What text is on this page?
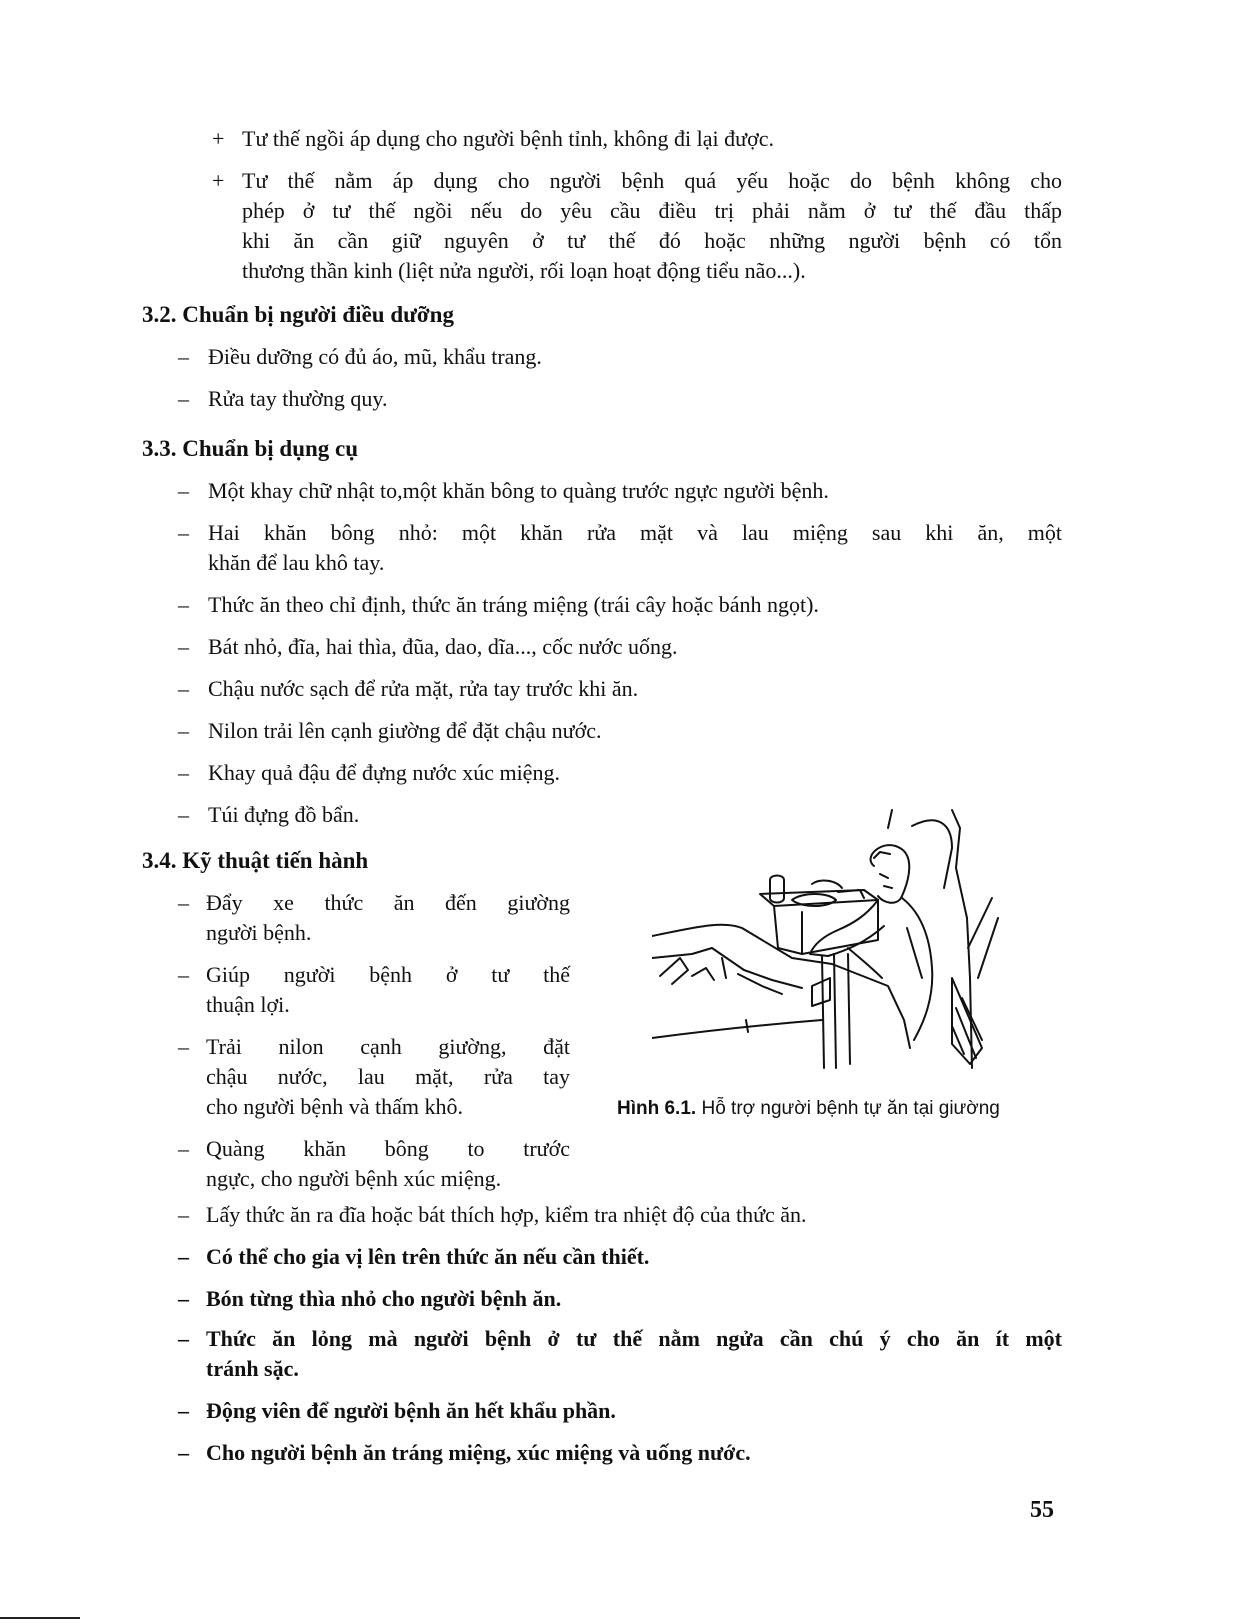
+ Tư thế ngồi áp dụng cho người bệnh tỉnh, không đi lại được.
+ Tư thế nằm áp dụng cho người bệnh quá yếu hoặc do bệnh không cho
phép ở tư thế ngồi nếu do yêu cầu điều trị phải nằm ở tư thế đầu thấp
khi ăn cần giữ nguyên ở tư thế đó hoặc những người bệnh có tổn
thương thần kinh (liệt nửa người, rối loạn hoạt động tiểu não...).
3.2. Chuẩn bị người điều dưỡng
– Điều dưỡng có đủ áo, mũ, khẩu trang.
– Rửa tay thường quy.
3.3. Chuẩn bị dụng cụ
– Một khay chữ nhật to,một khăn bông to quàng trước ngực người bệnh.
– Hai khăn bông nhỏ: một khăn rửa mặt và lau miệng sau khi ăn, một
khăn để lau khô tay.
– Thức ăn theo chỉ định, thức ăn tráng miệng (trái cây hoặc bánh ngọt).
– Bát nhỏ, đĩa, hai thìa, đũa, dao, dĩa..., cốc nước uống.
– Chậu nước sạch để rửa mặt, rửa tay trước khi ăn.
– Nilon trải lên cạnh giường để đặt chậu nước.
– Khay quả đậu để đựng nước xúc miệng.
– Túi đựng đồ bẩn.
3.4. Kỹ thuật tiến hành
– Đẩy xe thức ăn đến giường
người bệnh.
– Giúp người bệnh ở tư thế
thuận lợi.
– Trải nilon cạnh giường, đặt
chậu nước, lau mặt, rửa tay
cho người bệnh và thấm khô.
– Quàng khăn bông to trước
ngực, cho người bệnh xúc miệng.
– Lấy thức ăn ra đĩa hoặc bát thích hợp, kiểm tra nhiệt độ của thức ăn.
– Có thể cho gia vị lên trên thức ăn nếu cần thiết.
– Bón từng thìa nhỏ cho người bệnh ăn.
– Thức ăn lỏng mà người bệnh ở tư thế nằm ngửa cần chú ý cho ăn ít một
tránh sặc.
– Động viên để người bệnh ăn hết khẩu phần.
– Cho người bệnh ăn tráng miệng, xúc miệng và uống nước.
Hình 6.1. Hỗ trợ người bệnh tự ăn tại giường
55
